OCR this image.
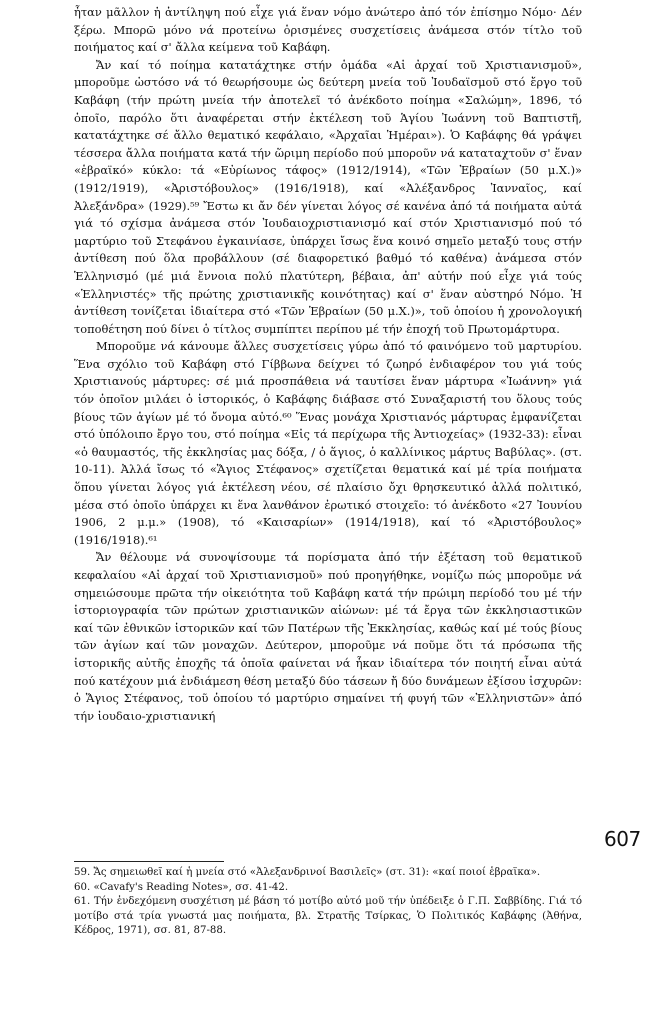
ἦταν μᾶλλον ἡ ἀντίληψη πού εἶχε γιά ἕναν νόμο ἀνώτερο ἀπό τόν ἐπίσημο Νόμο· Δέν ξέρω. Μπορῶ μόνο νά προτείνω ὁρισμένες συσχετίσεις ἀνάμεσα στόν τίτλο τοῦ ποιήματος καί σ' ἄλλα κείμενα τοῦ Καβάφη.

Ἄν καί τό ποίημα κατατάχτηκε στήν ὁμάδα «Αἱ ἀρχαί τοῦ Χριστιανισμοῦ», μποροῦμε ὡστόσο νά τό θεωρήσουμε ὡς δεύτερη μνεία τοῦ Ἰουδαϊσμοῦ στό ἔργο τοῦ Καβάφη (τήν πρώτη μνεία τήν ἀποτελεῖ τό ἀνέκδοτο ποίημα «Σαλώμη», 1896, τό ὁποῖο, παρόλο ὅτι ἀναφέρεται στήν ἐκτέλεση τοῦ Ἁγίου Ἰωάννη τοῦ Βαπτιστῆ, κατατάχτηκε σέ ἄλλο θεματικό κεφάλαιο, «Ἀρχαῖαι Ἡμέραι»). Ὁ Καβάφης θά γράψει τέσσερα ἄλλα ποιήματα κατά τήν ὥριμη περίοδο πού μποροῦν νά καταταχτοῦν σ' ἕναν «ἑβραϊκό» κύκλο: τά «Εὐρίωνος τάφος» (1912/1914), «Τῶν Ἑβραίων (50 μ.Χ.)» (1912/1919), «Ἀριστόβουλος» (1916/1918), καί «Ἀλέξανδρος Ἰανναῖος, καί Ἀλεξάνδρα» (1929).⁵⁹ Ἔστω κι ἄν δέν γίνεται λόγος σέ κανένα ἀπό τά ποιήματα αὐτά γιά τό σχίσμα ἀνάμεσα στόν Ἰουδαιοχριστιανισμό καί στόν Χριστιανισμό πού τό μαρτύριο τοῦ Στεφάνου ἐγκαινίασε, ὑπάρχει ἴσως ἕνα κοινό σημεῖο μεταξύ τους στήν ἀντίθεση πού ὅλα προβάλλουν (σέ διαφορετικό βαθμό τό καθένα) ἀνάμεσα στόν Ἑλληνισμό (μέ μιά ἔννοια πολύ πλατύτερη, βέβαια, ἀπ' αὐτήν πού εἶχε γιά τούς «Ἑλληνιστές» τῆς πρώτης χριστιανικῆς κοινότητας) καί σ' ἕναν αὐστηρό Νόμο. Ἡ ἀντίθεση τονίζεται ἰδιαίτερα στό «Τῶν Ἑβραίων (50 μ.Χ.)», τοῦ ὁποίου ἡ χρονολογική τοποθέτηση πού δίνει ὁ τίτλος συμπίπτει περίπου μέ τήν ἐποχή τοῦ Πρωτομάρτυρα.

Μποροῦμε νά κάνουμε ἄλλες συσχετίσεις γύρω ἀπό τό φαινόμενο τοῦ μαρτυρίου. Ἕνα σχόλιο τοῦ Καβάφη στό Γίββωνα δείχνει τό ζωηρό ἐνδιαφέρον του γιά τούς Χριστιανούς μάρτυρες: σέ μιά προσπάθεια νά ταυτίσει ἕναν μάρτυρα «Ἰωάννη» γιά τόν ὁποῖον μιλάει ὁ ἱστορικός, ὁ Καβάφης διάβασε στό Συναξαριστή του ὅλους τούς βίους τῶν ἁγίων μέ τό ὄνομα αὐτό.⁶⁰ Ἕνας μονάχα Χριστιανός μάρτυρας ἐμφανίζεται στό ὑπόλοιπο ἔργο του, στό ποίημα «Εἰς τά περίχωρα τῆς Ἀντιοχείας» (1932-33): εἶναι «ὁ θαυμαστός, τῆς ἐκκλησίας μας δόξα, / ὁ ἅγιος, ὁ καλλίνικος μάρτυς Βαβύλας». (στ. 10-11). Ἀλλά ἴσως τό «Ἅγιος Στέφανος» σχετίζεται θεματικά καί μέ τρία ποιήματα ὅπου γίνεται λόγος γιά ἐκτέλεση νέου, σέ πλαίσιο ὄχι θρησκευτικό ἀλλά πολιτικό, μέσα στό ὁποῖο ὑπάρχει κι ἕνα λανθάνον ἐρωτικό στοιχεῖο: τό ἀνέκδοτο «27 Ἰουνίου 1906, 2 μ.μ.» (1908), τό «Καισαρίων» (1914/1918), καί τό «Ἀριστόβουλος» (1916/1918).⁶¹

Ἄν θέλουμε νά συνοψίσουμε τά πορίσματα ἀπό τήν ἐξέταση τοῦ θεματικοῦ κεφαλαίου «Αἱ ἀρχαί τοῦ Χριστιανισμοῦ» πού προηγήθηκε, νομίζω πώς μποροῦμε νά σημειώσουμε πρῶτα τήν οἰκειότητα τοῦ Καβάφη κατά τήν πρώιμη περίοδό του μέ τήν ἱστοριογραφία τῶν πρώτων χριστιανικῶν αἰώνων: μέ τά ἔργα τῶν ἐκκλησιαστικῶν καί τῶν ἐθνικῶν ἱστορικῶν καί τῶν Πατέρων τῆς Ἐκκλησίας, καθώς καί μέ τούς βίους τῶν ἁγίων καί τῶν μοναχῶν. Δεύτερον, μποροῦμε νά ποῦμε ὅτι τά πρόσωπα τῆς ἱστορικῆς αὐτῆς ἐποχῆς τά ὁποῖα φαίνεται νά ἧκαν ἰδιαίτερα τόν ποιητή εἶναι αὐτά πού κατέχουν μιά ἐνδιάμεση θέση μεταξύ δύο τάσεων ἤ δύο δυνάμεων ἐξίσου ἰσχυρῶν: ὁ Ἅγιος Στέφανος, τοῦ ὁποίου τό μαρτύριο σημαίνει τή φυγή τῶν «Ἑλληνιστῶν» ἀπό τήν ἰουδαιο-χριστιανική

607

59. Ἄς σημειωθεῖ καί ἡ μνεία στό «Ἀλεξανδρινοί Βασιλεῖς» (στ. 31): «καί ποιοί ἑβραϊκα».

60. «Cavafy's Reading Notes», σσ. 41-42.

61. Τήν ἐνδεχόμενη συσχέτιση μέ βάση τό μοτίβο αὐτό μοῦ τήν ὑπέδειξε ὁ Γ.Π. Σαββίδης. Γιά τό μοτίβο στά τρία γνωστά μας ποιήματα, βλ. Στρατῆς Τσίρκας, Ὁ Πολιτικός Καβάφης (Ἀθήνα, Κέδρος, 1971), σσ. 81, 87-88.
